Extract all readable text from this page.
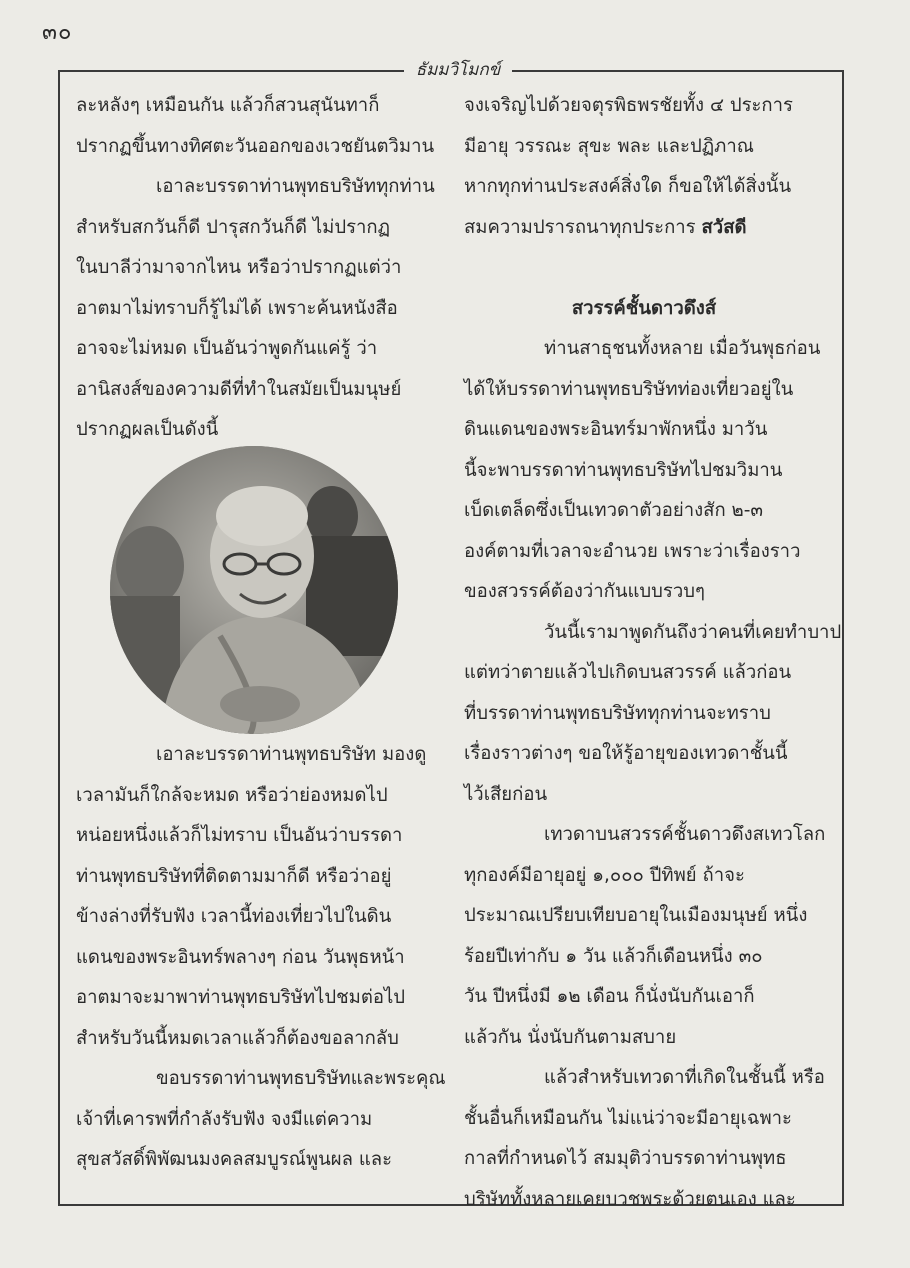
๓๐
ธัมมวิโมกข์

ละหลังๆ เหมือนกัน แล้วก็สวนสุนันทาก็

ปรากฏขึ้นทางทิศตะวันออกของเวชยันตวิมาน

เอาละบรรดาท่านพุทธบริษัททุกท่าน

สำหรับสกวันก็ดี ปารุสกวันก็ดี ไม่ปรากฏ

ในบาลีว่ามาจากไหน หรือว่าปรากฏแต่ว่า

อาตมาไม่ทราบก็รู้ไม่ได้ เพราะค้นหนังสือ

อาจจะไม่หมด เป็นอันว่าพูดกันแค่รู้ ว่า

อานิสงส์ของความดีที่ทำในสมัยเป็นมนุษย์

ปรากฏผลเป็นดังนี้

เอาละบรรดาท่านพุทธบริษัท มองดู

เวลามันก็ใกล้จะหมด หรือว่าย่องหมดไป

หน่อยหนึ่งแล้วก็ไม่ทราบ เป็นอันว่าบรรดา

ท่านพุทธบริษัทที่ติดตามมาก็ดี หรือว่าอยู่

ข้างล่างที่รับฟัง เวลานี้ท่องเที่ยวไปในดิน

แดนของพระอินทร์พลางๆ ก่อน วันพุธหน้า

อาตมาจะมาพาท่านพุทธบริษัทไปชมต่อไป

สำหรับวันนี้หมดเวลาแล้วก็ต้องขอลากลับ

ขอบรรดาท่านพุทธบริษัทและพระคุณ

เจ้าที่เคารพที่กำลังรับฟัง จงมีแต่ความ

สุขสวัสดิ์พิพัฒนมงคลสมบูรณ์พูนผล และ

จงเจริญไปด้วยจตุรพิธพรชัยทั้ง ๔ ประการ

มีอายุ วรรณะ สุขะ พละ และปฏิภาณ

หากทุกท่านประสงค์สิ่งใด ก็ขอให้ได้สิ่งนั้น

สมความปรารถนาทุกประการ สวัสดี

สวรรค์ชั้นดาวดึงส์

ท่านสาธุชนทั้งหลาย เมื่อวันพุธก่อน

ได้ให้บรรดาท่านพุทธบริษัทท่องเที่ยวอยู่ใน

ดินแดนของพระอินทร์มาพักหนึ่ง มาวัน

นี้จะพาบรรดาท่านพุทธบริษัทไปชมวิมาน

เบ็ดเตล็ดซึ่งเป็นเทวดาตัวอย่างสัก ๒-๓

องค์ตามที่เวลาจะอำนวย เพราะว่าเรื่องราว

ของสวรรค์ต้องว่ากันแบบรวบๆ

วันนี้เรามาพูดกันถึงว่าคนที่เคยทำบาป

แต่ทว่าตายแล้วไปเกิดบนสวรรค์ แล้วก่อน

ที่บรรดาท่านพุทธบริษัททุกท่านจะทราบ

เรื่องราวต่างๆ ขอให้รู้อายุของเทวดาชั้นนี้

ไว้เสียก่อน

เทวดาบนสวรรค์ชั้นดาวดึงสเทวโลก

ทุกองค์มีอายุอยู่ ๑,๐๐๐ ปีทิพย์ ถ้าจะ

ประมาณเปรียบเทียบอายุในเมืองมนุษย์ หนึ่ง

ร้อยปีเท่ากับ ๑ วัน แล้วก็เดือนหนึ่ง ๓๐

วัน ปีหนึ่งมี ๑๒ เดือน ก็นั่งนับกันเอาก็

แล้วกัน นั่งนับกันตามสบาย

แล้วสำหรับเทวดาที่เกิดในชั้นนี้ หรือ

ชั้นอื่นก็เหมือนกัน ไม่แน่ว่าจะมีอายุเฉพาะ

กาลที่กำหนดไว้ สมมุติว่าบรรดาท่านพุทธ

บริษัททั้งหลายเคยบวชพระด้วยตนเอง และ
